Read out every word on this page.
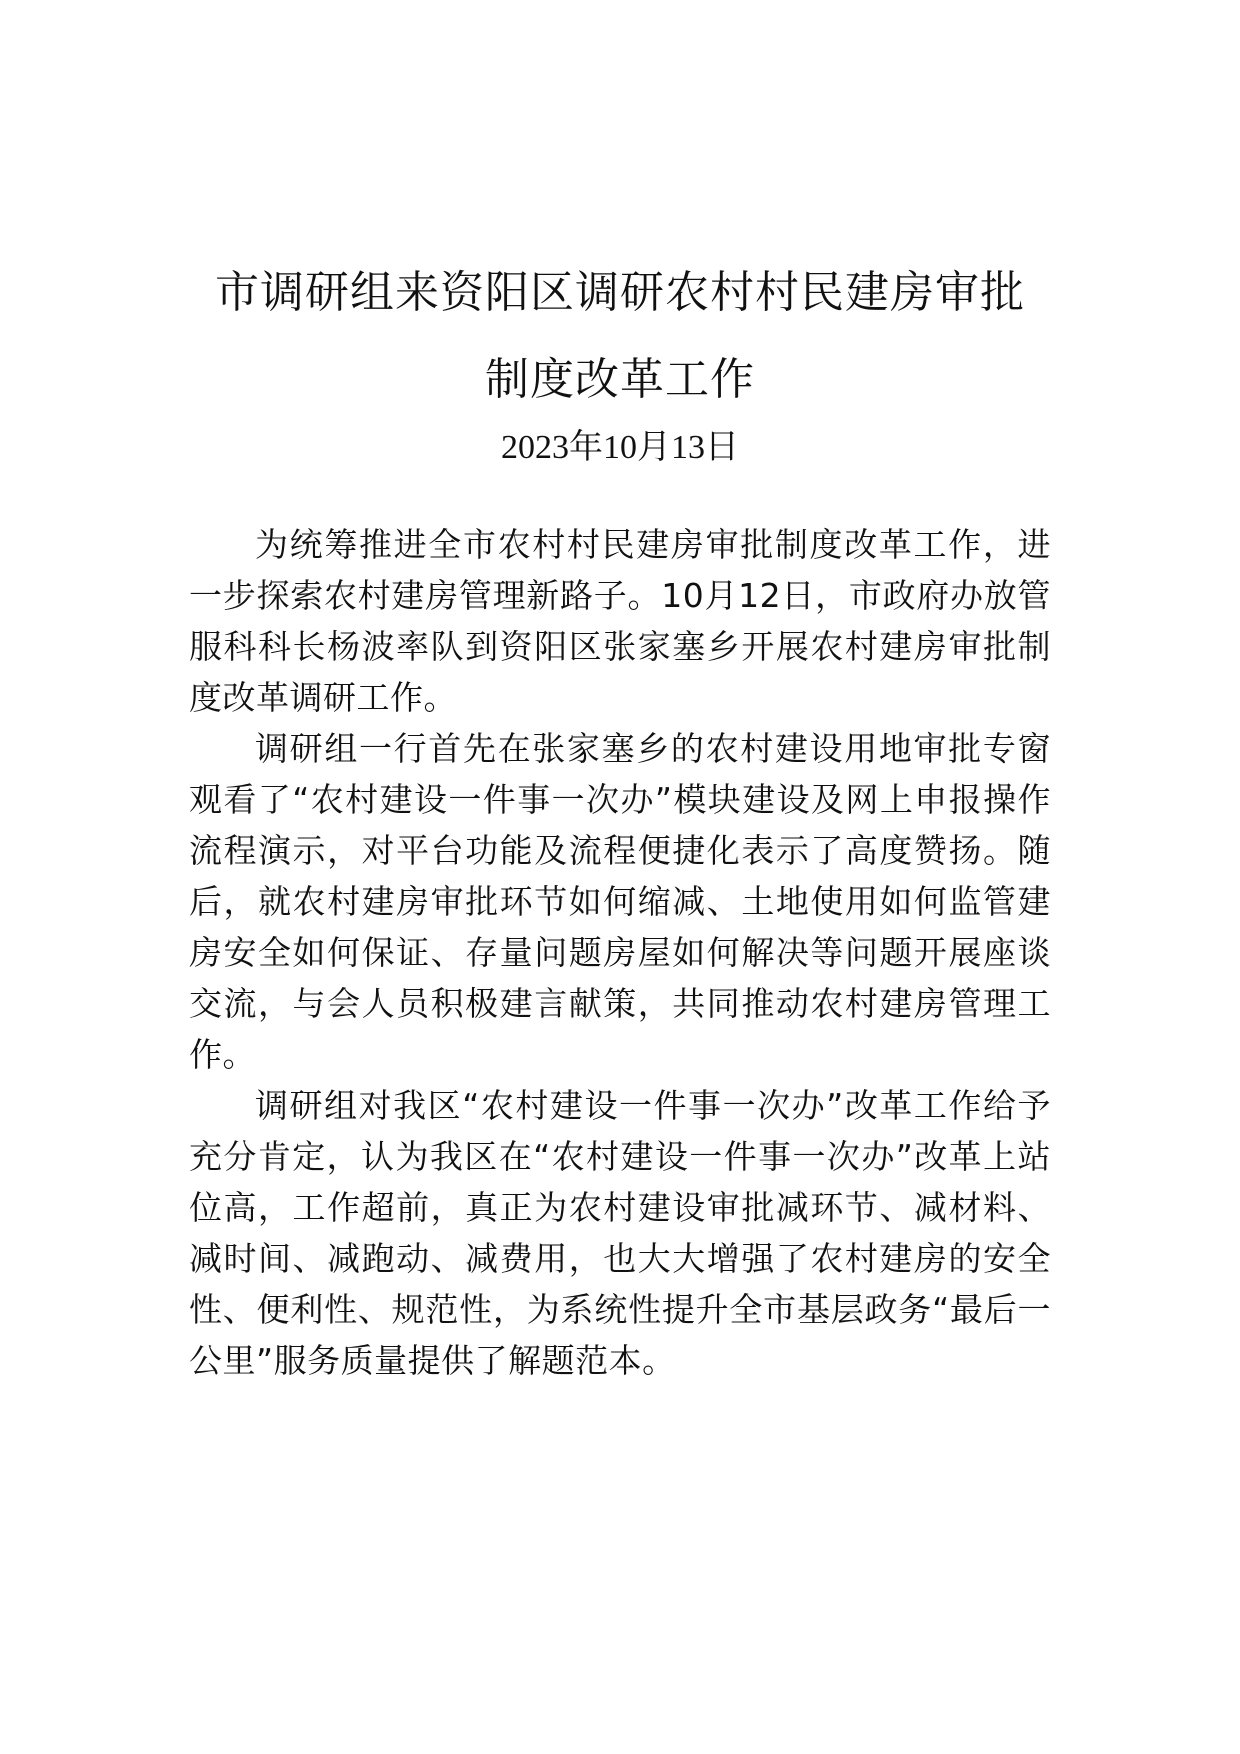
市调研组来资阳区调研农村村民建房审批
制度改革工作
2023年10月13日

为统筹推进全市农村村民建房审批制度改革工作，进一步探索农村建房管理新路子。10月12日，市政府办放管服科科长杨波率队到资阳区张家塞乡开展农村建房审批制度改革调研工作。

调研组一行首先在张家塞乡的农村建设用地审批专窗观看了“农村建设一件事一次办”模块建设及网上申报操作流程演示，对平台功能及流程便捷化表示了高度赞扬。随后，就农村建房审批环节如何缩减、土地使用如何监管建房安全如何保证、存量问题房屋如何解决等问题开展座谈交流，与会人员积极建言献策，共同推动农村建房管理工作。

调研组对我区“农村建设一件事一次办”改革工作给予充分肯定，认为我区在“农村建设一件事一次办”改革上站位高，工作超前，真正为农村建设审批减环节、减材料、减时间、减跑动、减费用，也大大增强了农村建房的安全性、便利性、规范性，为系统性提升全市基层政务“最后一公里”服务质量提供了解题范本。
